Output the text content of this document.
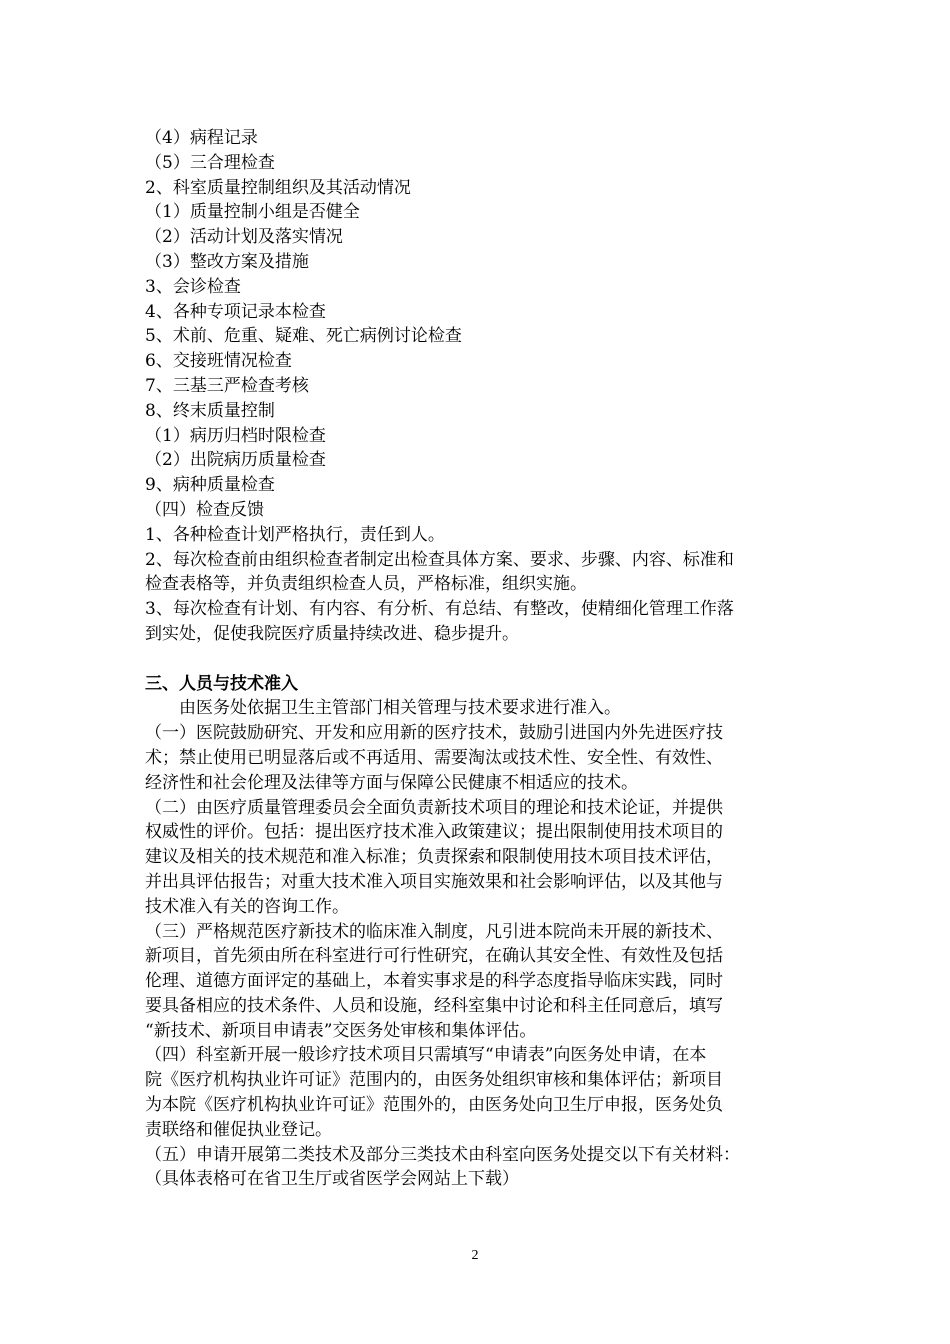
（4）病程记录
（5）三合理检查
2、科室质量控制组织及其活动情况
（1）质量控制小组是否健全
（2）活动计划及落实情况
（3）整改方案及措施
3、会诊检查
4、各种专项记录本检查
5、术前、危重、疑难、死亡病例讨论检查
6、交接班情况检查
7、三基三严检查考核
8、终末质量控制
（1）病历归档时限检查
（2）出院病历质量检查
9、病种质量检查
（四）检查反馈
1、各种检查计划严格执行，责任到人。
2、每次检查前由组织检查者制定出检查具体方案、要求、步骤、内容、标准和
检查表格等，并负责组织检查人员，严格标准，组织实施。
3、每次检查有计划、有内容、有分析、有总结、有整改，使精细化管理工作落
到实处，促使我院医疗质量持续改进、稳步提升。
三、人员与技术准入
由医务处依据卫生主管部门相关管理与技术要求进行准入。
（一）医院鼓励研究、开发和应用新的医疗技术，鼓励引进国内外先进医疗技
术；禁止使用已明显落后或不再适用、需要淘汰或技术性、安全性、有效性、
经济性和社会伦理及法律等方面与保障公民健康不相适应的技术。
（二）由医疗质量管理委员会全面负责新技术项目的理论和技术论证，并提供
权威性的评价。包括：提出医疗技术准入政策建议；提出限制使用技术项目的
建议及相关的技术规范和准入标准；负责探索和限制使用技木项目技术评估，
并出具评估报告；对重大技术准入项目实施效果和社会影响评估，以及其他与
技术准入有关的咨询工作。
（三）严格规范医疗新技术的临床准入制度，凡引进本院尚未开展的新技术、
新项目，首先须由所在科室进行可行性研究，在确认其安全性、有效性及包括
伦理、道德方面评定的基础上，本着实事求是的科学态度指导临床实践，同时
要具备相应的技术条件、人员和设施，经科室集中讨论和科主任同意后，填写
“新技术、新项目申请表”交医务处审核和集体评估。
（四）科室新开展一般诊疗技术项目只需填写“申请表”向医务处申请，在本
院《医疗机构执业许可证》范围内的，由医务处组织审核和集体评估；新项目
为本院《医疗机构执业许可证》范围外的，由医务处向卫生厅申报，医务处负
责联络和催促执业登记。
（五）申请开展第二类技术及部分三类技术由科室向医务处提交以下有关材料：
（具体表格可在省卫生厅或省医学会网站上下载）
2
